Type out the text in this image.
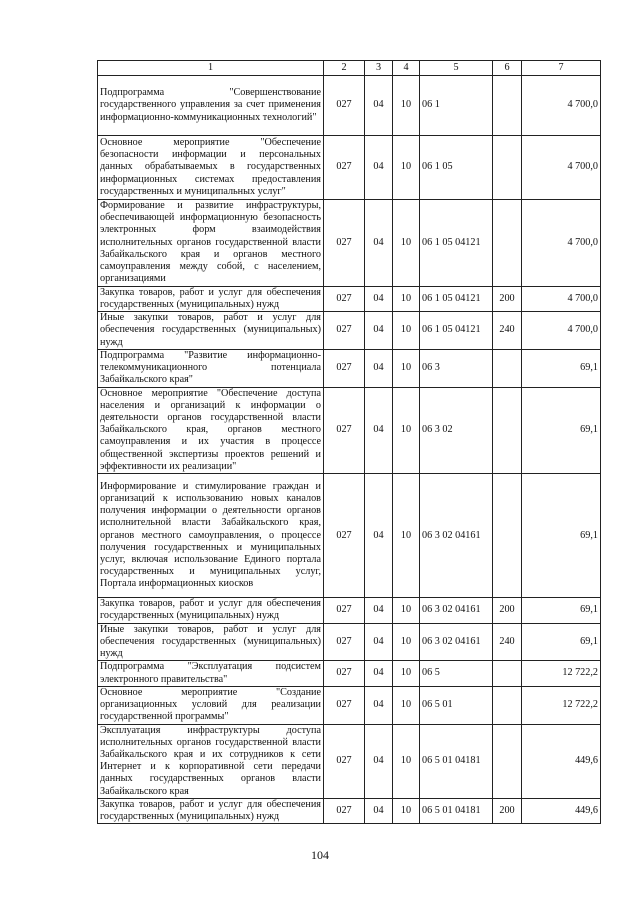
1	2	3	4	5	6	7
Подпрограмма "Совершенствование государственного управления за счет применения информационно-коммуникационных технологий"	027	04	10	06 1		4 700,0
Основное мероприятие "Обеспечение безопасности информации и персональных данных обрабатываемых в государственных информационных системах предоставления государственных и муниципальных услуг"	027	04	10	06 1 05		4 700,0
Формирование и развитие инфраструктуры, обеспечивающей информационную безопасность электронных форм взаимодействия исполнительных органов государственной власти Забайкальского края и органов местного самоуправления между собой, с населением, организациями	027	04	10	06 1 05 04121		4 700,0
Закупка товаров, работ и услуг для обеспечения государственных (муниципальных) нужд	027	04	10	06 1 05 04121	200	4 700,0
Иные закупки товаров, работ и услуг для обеспечения государственных (муниципальных) нужд	027	04	10	06 1 05 04121	240	4 700,0
Подпрограмма "Развитие информационно-телекоммуникационного потенциала Забайкальского края"	027	04	10	06 3		69,1
Основное мероприятие "Обеспечение доступа населения и организаций к информации о деятельности органов государственной власти Забайкальского края, органов местного самоуправления и их участия в процессе общественной экспертизы проектов решений и эффективности их реализации"	027	04	10	06 3 02		69,1
Информирование и стимулирование граждан и организаций к использованию новых каналов получения информации о деятельности органов исполнительной власти Забайкальского края, органов местного самоуправления, о процессе получения государственных и муниципальных услуг, включая использование Единого портала государственных и муниципальных услуг, Портала информационных киосков	027	04	10	06 3 02 04161		69,1
Закупка товаров, работ и услуг для обеспечения государственных (муниципальных) нужд	027	04	10	06 3 02 04161	200	69,1
Иные закупки товаров, работ и услуг для обеспечения государственных (муниципальных) нужд	027	04	10	06 3 02 04161	240	69,1
Подпрограмма "Эксплуатация подсистем электронного правительства"	027	04	10	06 5		12 722,2
Основное мероприятие "Создание организационных условий для реализации государственной программы"	027	04	10	06 5 01		12 722,2
Эксплуатация инфраструктуры доступа исполнительных органов государственной власти Забайкальского края и их сотрудников к сети Интернет и к корпоративной сети передачи данных государственных органов власти Забайкальского края	027	04	10	06 5 01 04181		449,6
Закупка товаров, работ и услуг для обеспечения государственных (муниципальных) нужд	027	04	10	06 5 01 04181	200	449,6
104
